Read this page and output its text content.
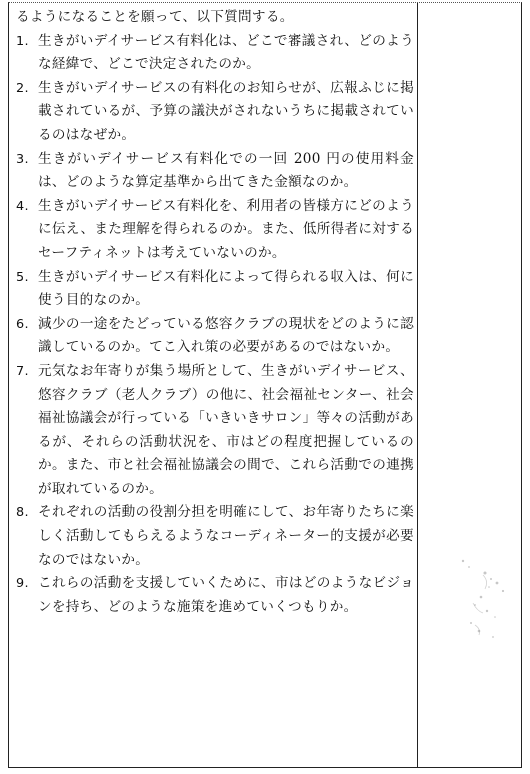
るようになることを願って、以下質問する。

1. 生きがいデイサービス有料化は、どこで審議され、どのような経緯で、どこで決定されたのか。
2. 生きがいデイサービスの有料化のお知らせが、広報ふじに掲載されているが、予算の議決がされないうちに掲載されているのはなぜか。
3. 生きがいデイサービス有料化での一回 200 円の使用料金は、どのような算定基準から出てきた金額なのか。
4. 生きがいデイサービス有料化を、利用者の皆様方にどのように伝え、また理解を得られるのか。また、低所得者に対するセーフティネットは考えていないのか。
5. 生きがいデイサービス有料化によって得られる収入は、何に使う目的なのか。
6. 減少の一途をたどっている悠容クラブの現状をどのように認識しているのか。てこ入れ策の必要があるのではないか。
7. 元気なお年寄りが集う場所として、生きがいデイサービス、悠容クラブ（老人クラブ）の他に、社会福祉センター、社会福祉協議会が行っている「いきいきサロン」等々の活動があるが、それらの活動状況を、市はどの程度把握しているのか。また、市と社会福祉協議会の間で、これら活動での連携が取れているのか。
8. それぞれの活動の役割分担を明確にして、お年寄りたちに楽しく活動してもらえるようなコーディネーター的支援が必要なのではないか。
9. これらの活動を支援していくために、市はどのようなビジョンを持ち、どのような施策を進めていくつもりか。
